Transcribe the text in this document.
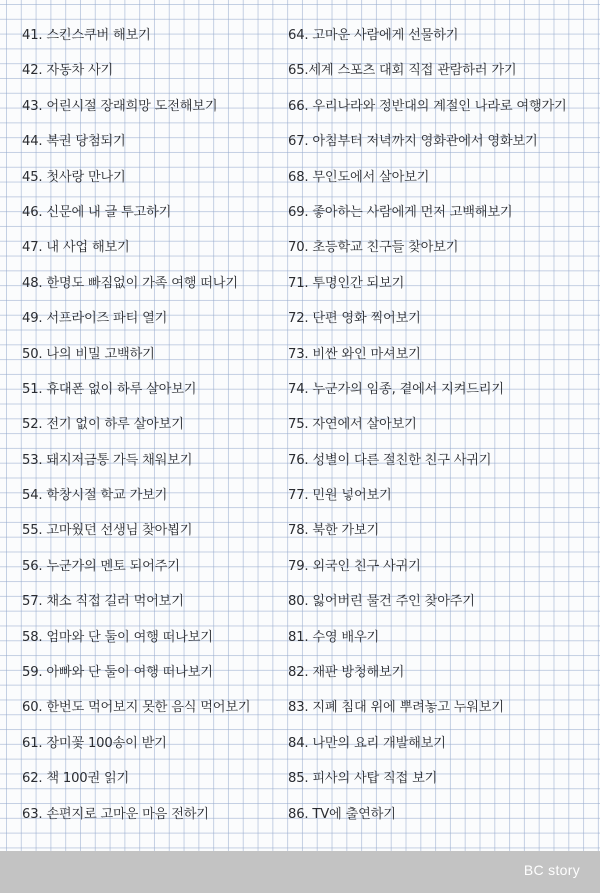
41. 스킨스쿠버 해보기
42. 자동차 사기
43. 어린시절 장래희망 도전해보기
44. 복권 당첨되기
45. 첫사랑 만나기
46. 신문에 내 글 투고하기
47. 내 사업 해보기
48. 한명도 빠짐없이 가족 여행 떠나기
49. 서프라이즈 파티 열기
50. 나의 비밀 고백하기
51. 휴대폰 없이 하루 살아보기
52. 전기 없이 하루 살아보기
53. 돼지저금통 가득 채워보기
54. 학창시절 학교 가보기
55. 고마웠던 선생님 찾아뵙기
56. 누군가의 멘토 되어주기
57. 채소 직접 길러 먹어보기
58. 엄마와 단 둘이 여행 떠나보기
59. 아빠와 단 둘이 여행 떠나보기
60. 한번도 먹어보지 못한 음식 먹어보기
61. 장미꽃 100송이 받기
62. 책 100권 읽기
63. 손편지로 고마운 마음 전하기
64. 고마운 사람에게 선물하기
65.세계 스포츠 대회 직접 관람하러 가기
66. 우리나라와 정반대의 계절인 나라로 여행가기
67. 아침부터 저녁까지 영화관에서 영화보기
68. 무인도에서 살아보기
69. 좋아하는 사람에게 먼저 고백해보기
70. 초등학교 친구들 찾아보기
71. 투명인간 되보기
72. 단편 영화 찍어보기
73. 비싼 와인 마셔보기
74. 누군가의 임종, 곁에서 지켜드리기
75. 자연에서 살아보기
76. 성별이 다른 절친한 친구 사귀기
77. 민원 넣어보기
78. 북한 가보기
79. 외국인 친구 사귀기
80. 잃어버린 물건 주인 찾아주기
81. 수영 배우기
82. 재판 방청해보기
83. 지폐 침대 위에 뿌려놓고 누워보기
84. 나만의 요리 개발해보기
85. 피사의 사탑 직접 보기
86. TV에 출연하기
BC story
